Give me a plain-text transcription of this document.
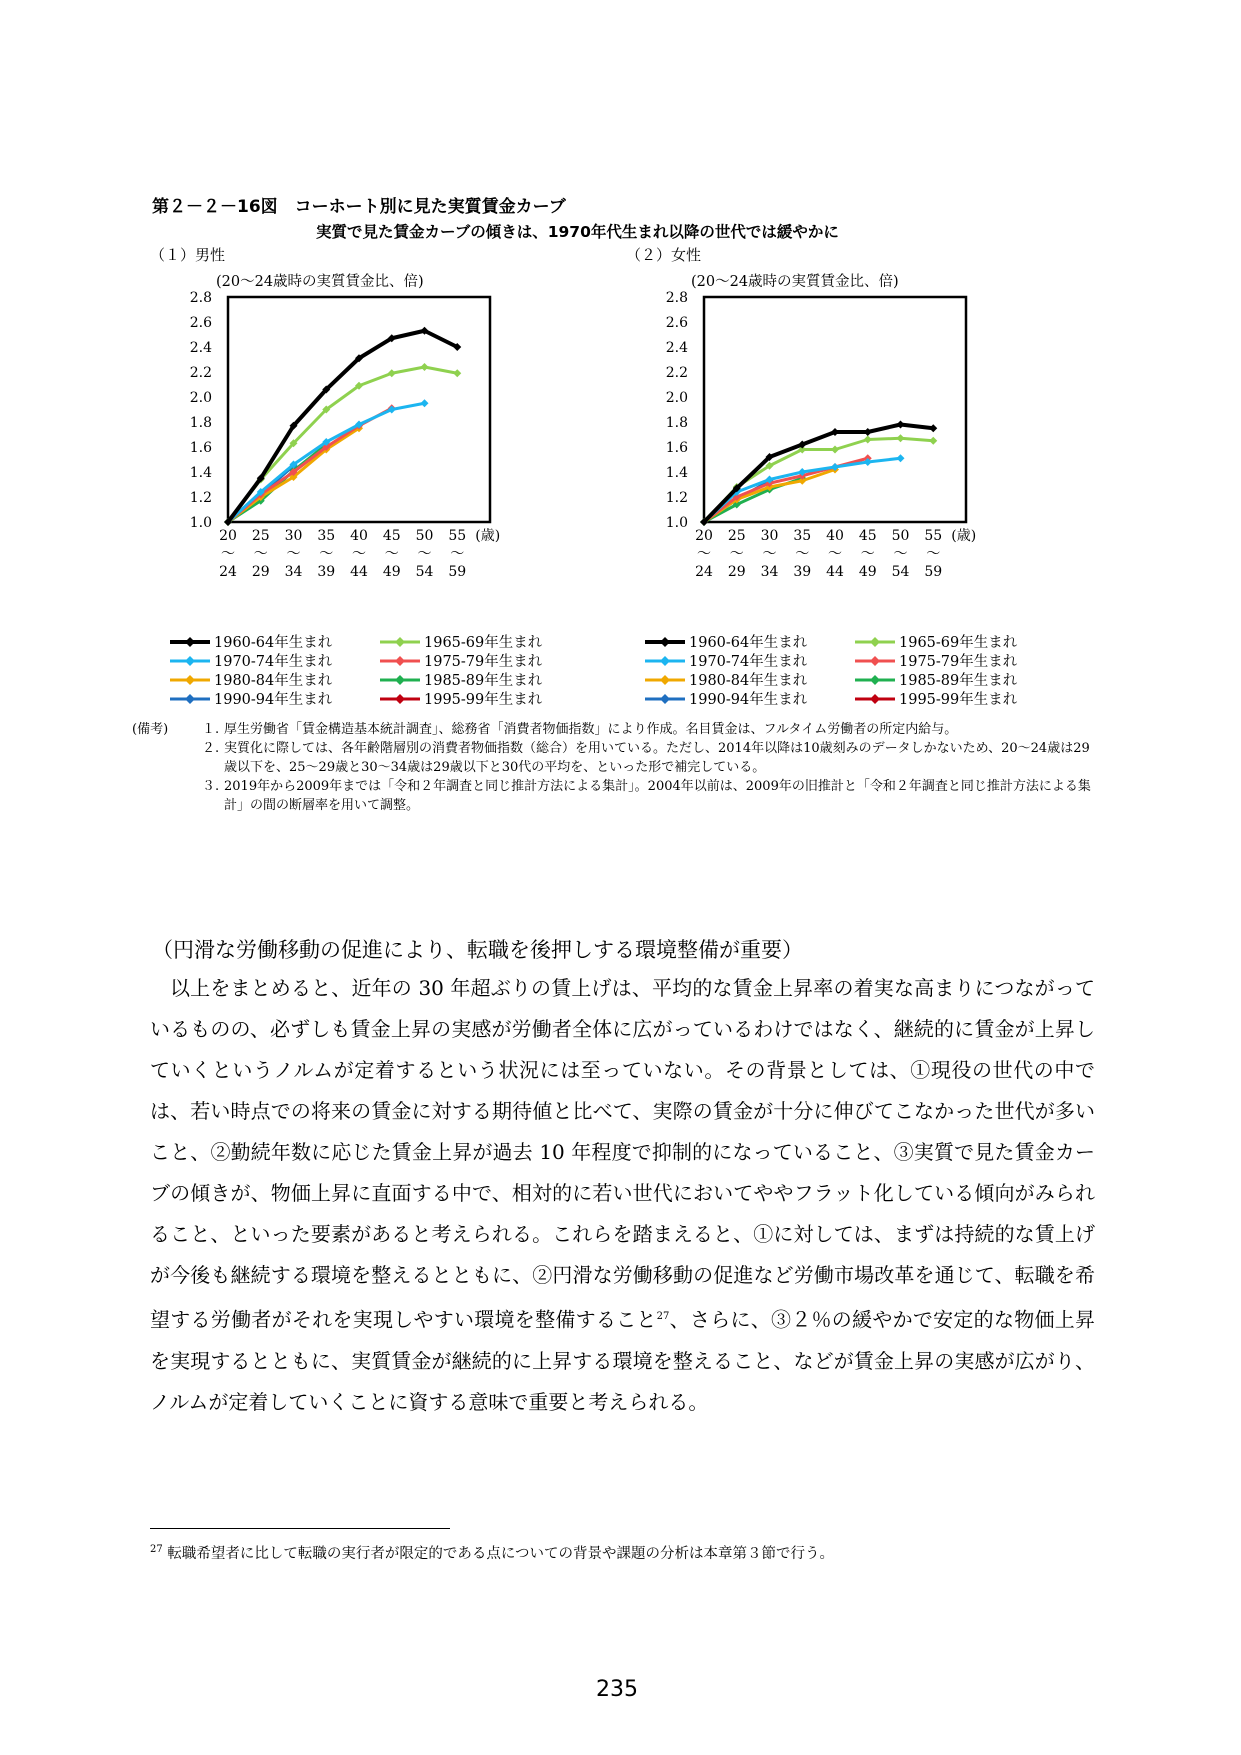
第２－２－16図　コーホート別に見た実質賃金カーブ
実質で見た賃金カーブの傾きは、1970年代生まれ以降の世代では緩やかに
（１）男性	（２）女性
(20～24歳時の実質賃金比、倍)	(20～24歳時の実質賃金比、倍)
2.8
2.6
2.4
2.2
2.0
1.8
1.6
1.4
1.2
1.0
20
～
24
25
～
29
30
～
34
35
～
39
40
～
44
45
～
49
50
～
54
55
～
59
(歳)
2.8
2.6
2.4
2.2
2.0
1.8
1.6
1.4
1.2
1.0
20
～
24
25
～
29
30
～
34
35
～
39
40
～
44
45
～
49
50
～
54
55
～
59
(歳)
1960-64年生まれ	1965-69年生まれ
1970-74年生まれ	1975-79年生まれ
1980-84年生まれ	1985-89年生まれ
1990-94年生まれ	1995-99年生まれ
1960-64年生まれ	1965-69年生まれ
1970-74年生まれ	1975-79年生まれ
1980-84年生まれ	1985-89年生まれ
1990-94年生まれ	1995-99年生まれ
(備考)	１. 厚生労働省「賃金構造基本統計調査」、総務省「消費者物価指数」により作成。名目賃金は、フルタイム労働者の所定内給与。
２. 実質化に際しては、各年齢階層別の消費者物価指数（総合）を用いている。ただし、2014年以降は10歳刻みのデータしかないため、20～24歳は29歳以下を、25～29歳と30～34歳は29歳以下と30代の平均を、といった形で補完している。
３. 2019年から2009年までは「令和２年調査と同じ推計方法による集計」。2004年以前は、2009年の旧推計と「令和２年調査と同じ推計方法による集計」の間の断層率を用いて調整。
（円滑な労働移動の促進により、転職を後押しする環境整備が重要）

以上をまとめると、近年の 30 年超ぶりの賃上げは、平均的な賃金上昇率の着実な高まりにつながっているものの、必ずしも賃金上昇の実感が労働者全体に広がっているわけではなく、継続的に賃金が上昇していくというノルムが定着するという状況には至っていない。その背景としては、①現役の世代の中では、若い時点での将来の賃金に対する期待値と比べて、実際の賃金が十分に伸びてこなかった世代が多いこと、②勤続年数に応じた賃金上昇が過去 10 年程度で抑制的になっていること、③実質で見た賃金カーブの傾きが、物価上昇に直面する中で、相対的に若い世代においてややフラット化している傾向がみられること、といった要素があると考えられる。これらを踏まえると、①に対しては、まずは持続的な賃上げが今後も継続する環境を整えるとともに、②円滑な労働移動の促進など労働市場改革を通じて、転職を希望する労働者がそれを実現しやすい環境を整備すること$^{27}$、さらに、③２％の緩やかで安定的な物価上昇を実現するとともに、実質賃金が継続的に上昇する環境を整えること、などが賃金上昇の実感が広がり、ノルムが定着していくことに資する意味で重要と考えられる。

$^{27}$ 転職希望者に比して転職の実行者が限定的である点についての背景や課題の分析は本章第３節で行う。
235
